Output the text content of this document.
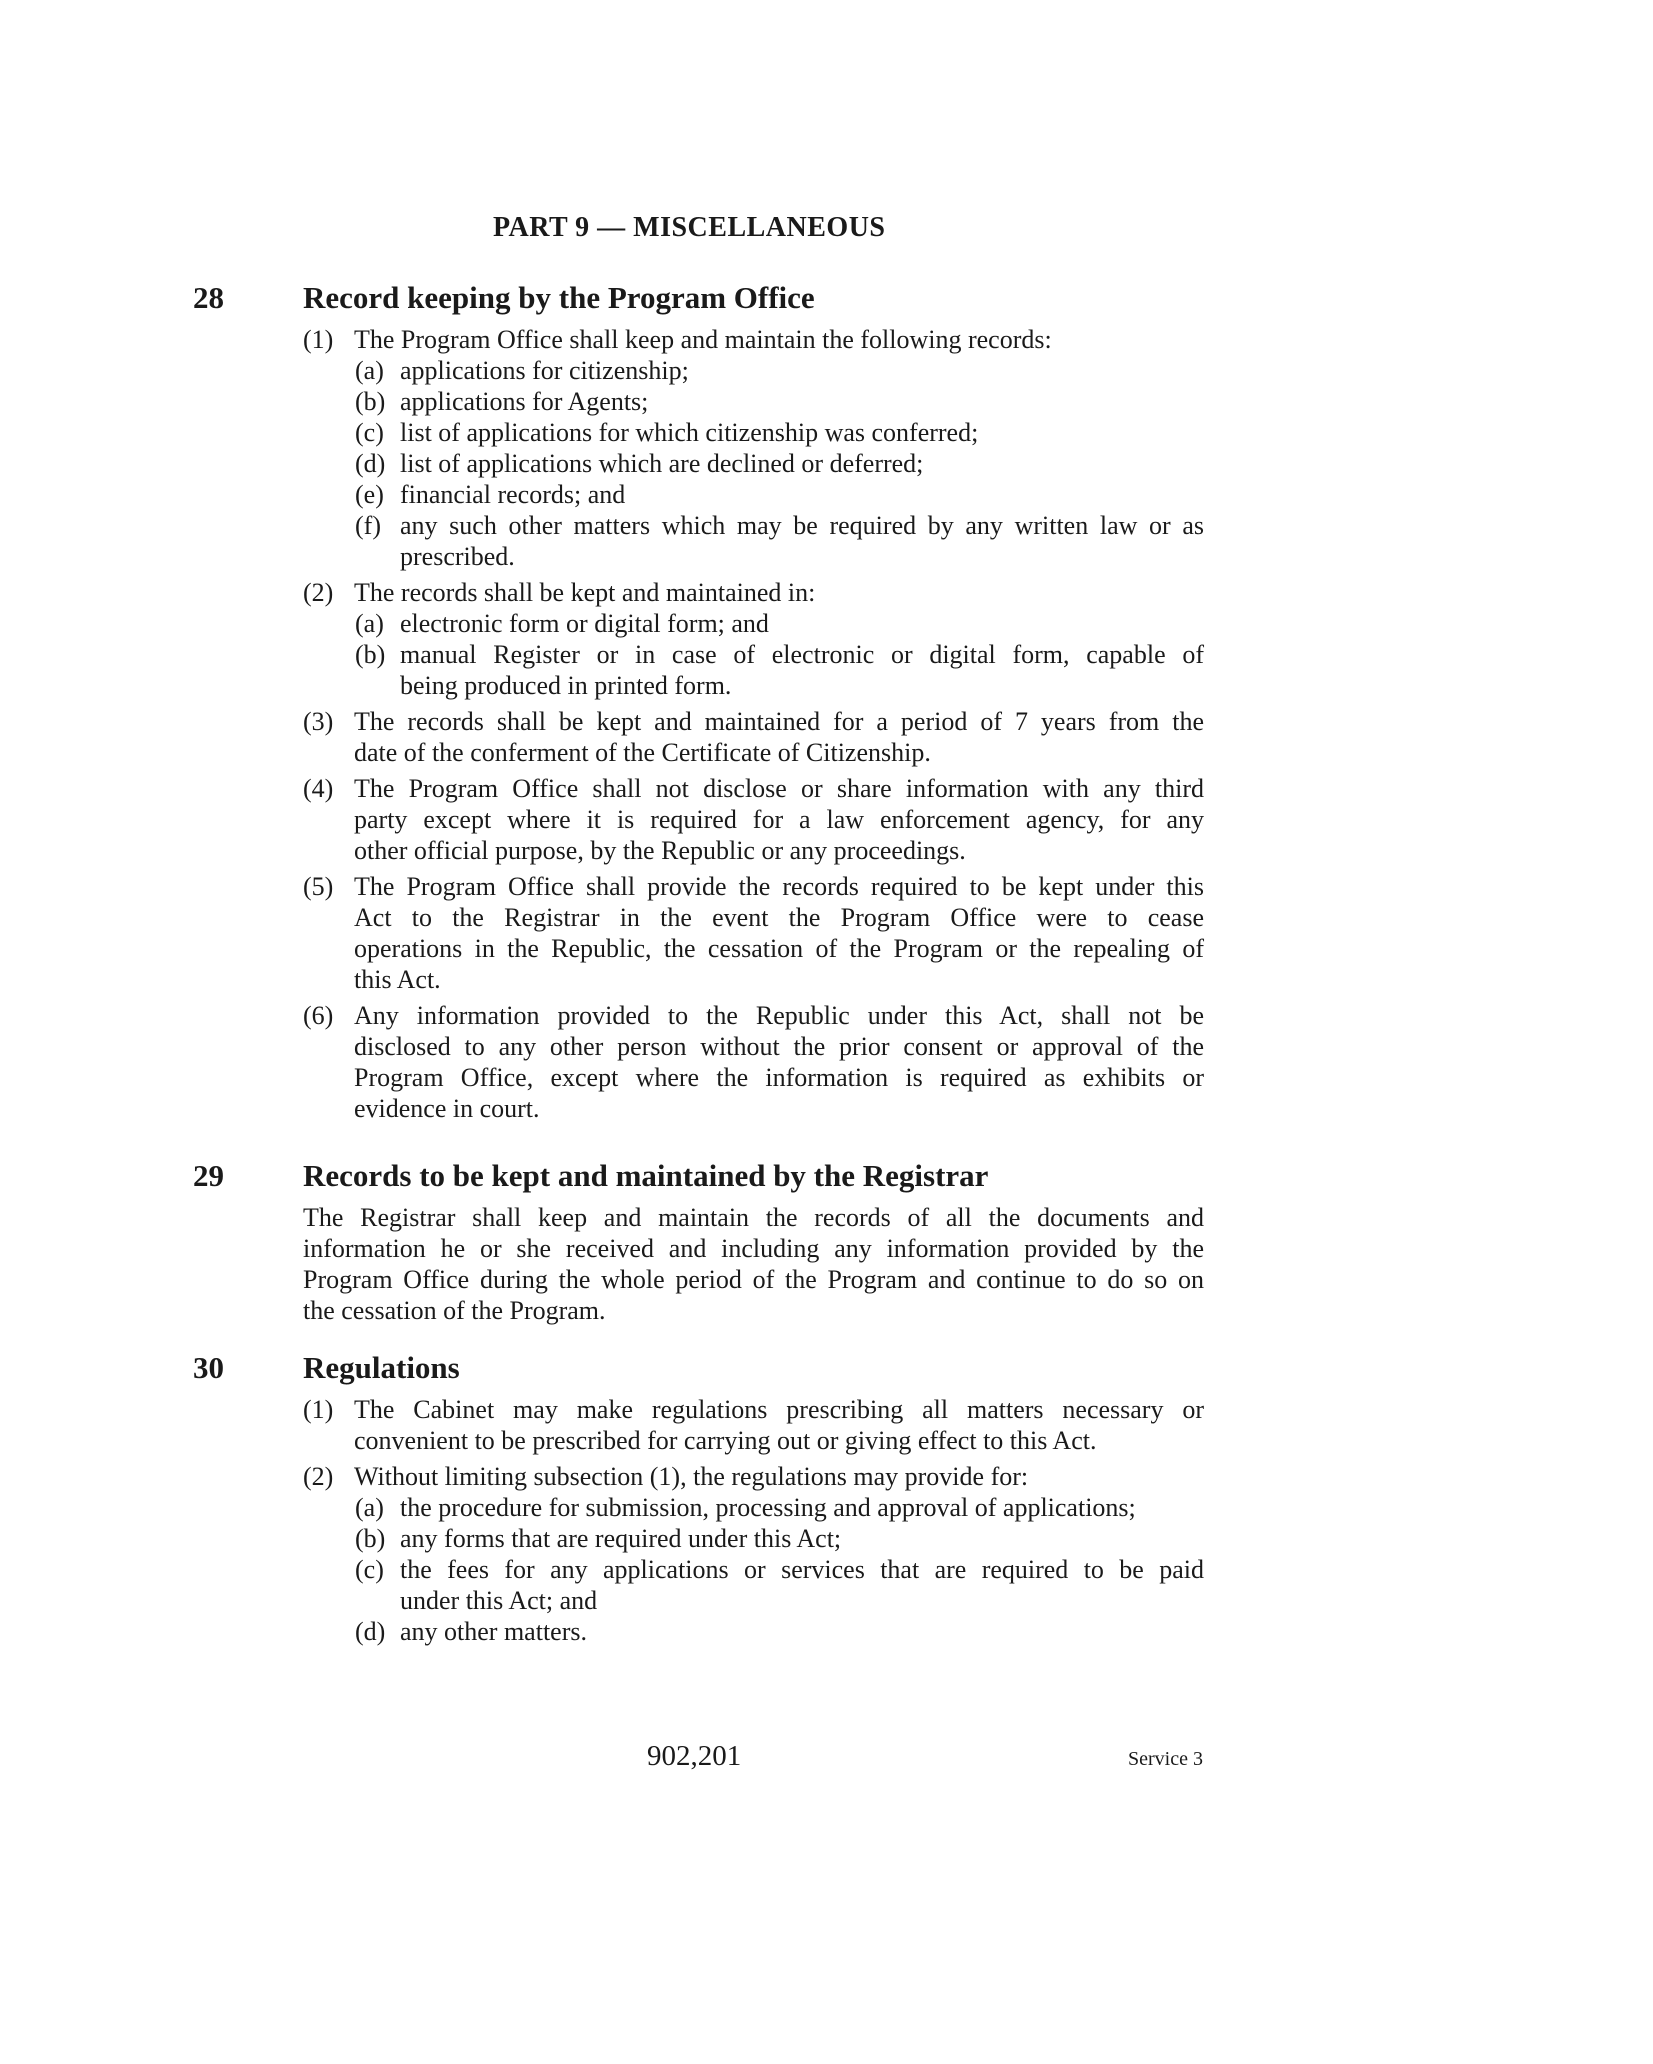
PART 9 — MISCELLANEOUS
28	Record keeping by the Program Office
(1) The Program Office shall keep and maintain the following records:
(a) applications for citizenship;
(b) applications for Agents;
(c) list of applications for which citizenship was conferred;
(d) list of applications which are declined or deferred;
(e) financial records; and
(f) any such other matters which may be required by any written law or as
prescribed.
(2) The records shall be kept and maintained in:
(a) electronic form or digital form; and
(b) manual Register or in case of electronic or digital form, capable of
being produced in printed form.
(3) The records shall be kept and maintained for a period of 7 years from the
date of the conferment of the Certificate of Citizenship.
(4) The Program Office shall not disclose or share information with any third
party except where it is required for a law enforcement agency, for any
other official purpose, by the Republic or any proceedings.
(5) The Program Office shall provide the records required to be kept under this
Act to the Registrar in the event the Program Office were to cease
operations in the Republic, the cessation of the Program or the repealing of
this Act.
(6) Any information provided to the Republic under this Act, shall not be
disclosed to any other person without the prior consent or approval of the
Program Office, except where the information is required as exhibits or
evidence in court.
29	Records to be kept and maintained by the Registrar
The Registrar shall keep and maintain the records of all the documents and
information he or she received and including any information provided by the
Program Office during the whole period of the Program and continue to do so on
the cessation of the Program.
30	Regulations
(1) The Cabinet may make regulations prescribing all matters necessary or
convenient to be prescribed for carrying out or giving effect to this Act.
(2) Without limiting subsection (1), the regulations may provide for:
(a) the procedure for submission, processing and approval of applications;
(b) any forms that are required under this Act;
(c) the fees for any applications or services that are required to be paid
under this Act; and
(d) any other matters.
902,201	Service 3
